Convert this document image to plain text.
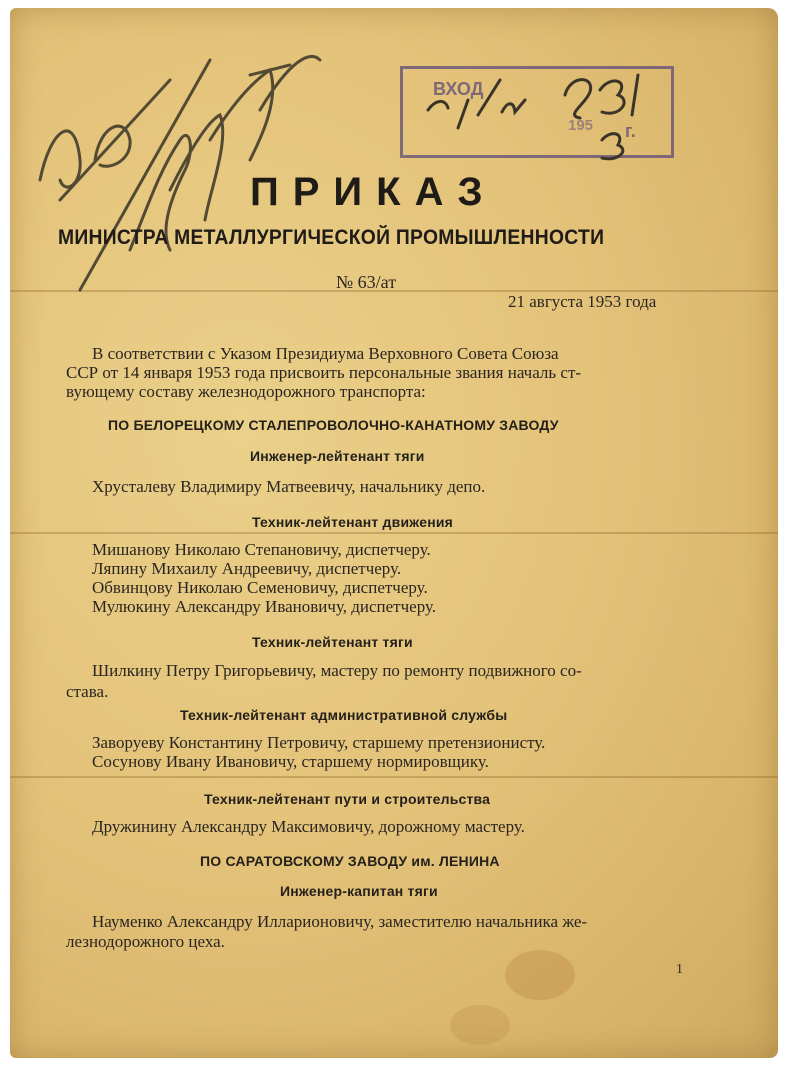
ВХОД
195 г.
ПРИКАЗ
МИНИСТРА МЕТАЛЛУРГИЧЕСКОЙ ПРОМЫШЛЕННОСТИ
№ 63/ат
21 августа 1953 года
В соответствии с Указом Президиума Верховного Совета Союза
ССР от 14 января 1953 года присвоить персональные звания началь ст-
вующему составу железнодорожного транспорта:
ПО БЕЛОРЕЦКОМУ СТАЛЕПРОВОЛОЧНО-КАНАТНОМУ ЗАВОДУ
Инженер-лейтенант тяги
Хрусталеву Владимиру Матвеевичу, начальнику депо.
Техник-лейтенант движения
Мишанову Николаю Степановичу, диспетчеру.
Ляпину Михаилу Андреевичу, диспетчеру.
Обвинцову Николаю Семеновичу, диспетчеру.
Мулюкину Александру Ивановичу, диспетчеру.
Техник-лейтенант тяги
Шилкину Петру Григорьевичу, мастеру по ремонту подвижного со-
става.
Техник-лейтенант административной службы
Заворуеву Константину Петровичу, старшему претензионисту.
Сосунову Ивану Ивановичу, старшему нормировщику.
Техник-лейтенант пути и строительства
Дружинину Александру Максимовичу, дорожному мастеру.
ПО САРАТОВСКОМУ ЗАВОДУ им. ЛЕНИНА
Инженер-капитан тяги
Науменко Александру Илларионовичу, заместителю начальника же-
лезнодорожного цеха.
1
